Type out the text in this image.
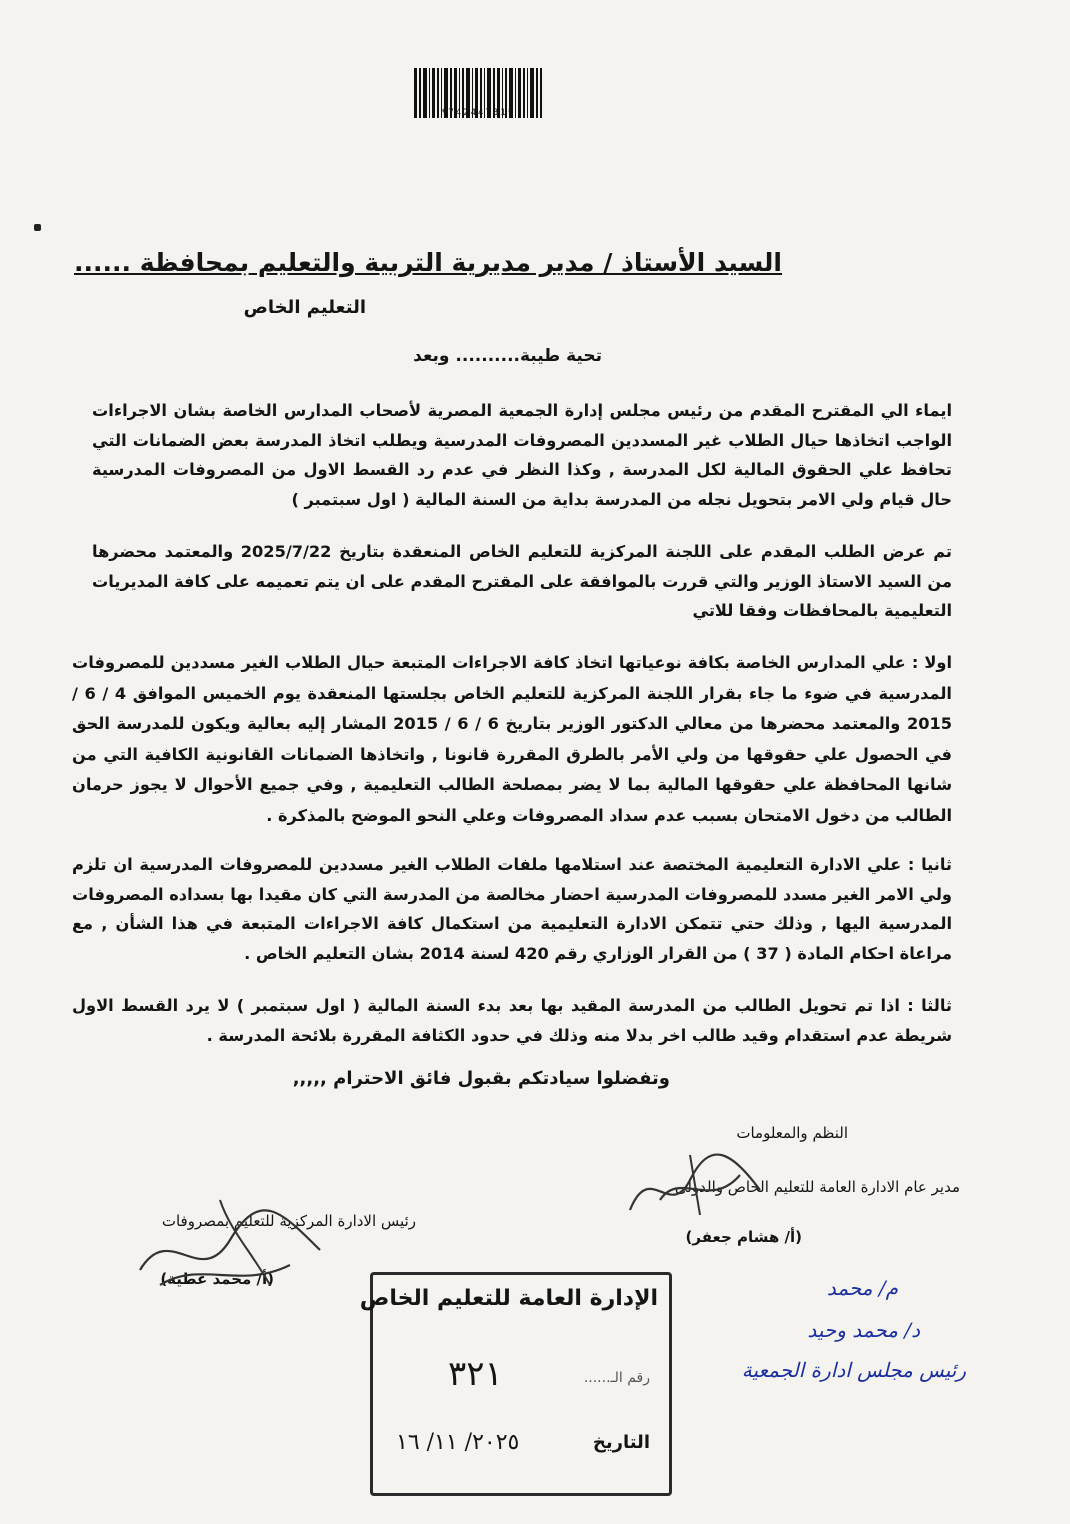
*74244731*
السيد الأستاذ / مدير مديرية التربية والتعليم بمحافظة ......
التعليم الخاص
تحية طيبة.......... وبعد
ايماء الي المقترح المقدم من رئيس مجلس إدارة الجمعية المصرية لأصحاب المدارس الخاصة بشان الاجراءات الواجب اتخاذها حيال الطلاب غير المسددين المصروفات المدرسية ويطلب اتخاذ المدرسة بعض الضمانات التي تحافظ علي الحقوق المالية لكل المدرسة , وكذا النظر في عدم رد القسط الاول من المصروفات المدرسية حال قيام ولي الامر بتحويل نجله من المدرسة بداية من السنة المالية ( اول سبتمبر )
تم عرض الطلب المقدم على اللجنة المركزية للتعليم الخاص المنعقدة بتاريخ 2025/7/22 والمعتمد محضرها من السيد الاستاذ الوزير والتي قررت بالموافقة على المقترح المقدم على ان يتم تعميمه على كافة المديريات التعليمية بالمحافظات وفقا للاتي
اولا : علي المدارس الخاصة بكافة نوعياتها اتخاذ كافة الاجراءات المتبعة حيال الطلاب الغير مسددين للمصروفات المدرسية في ضوء ما جاء بقرار اللجنة المركزية للتعليم الخاص بجلستها المنعقدة يوم الخميس الموافق 4 / 6 / 2015 والمعتمد محضرها من معالي الدكتور الوزير بتاريخ 6 / 6 / 2015 المشار إليه بعالية ويكون للمدرسة الحق في الحصول علي حقوقها من ولي الأمر بالطرق المقررة قانونا , واتخاذها الضمانات القانونية الكافية التي من شانها المحافظة علي حقوقها المالية بما لا يضر بمصلحة الطالب التعليمية , وفي جميع الأحوال لا يجوز حرمان الطالب من دخول الامتحان بسبب عدم سداد المصروفات وعلي النحو الموضح بالمذكرة .
ثانيا : علي الادارة التعليمية المختصة عند استلامها ملفات الطلاب الغير مسددين للمصروفات المدرسية ان تلزم ولي الامر الغير مسدد للمصروفات المدرسية احضار مخالصة من المدرسة التي كان مقيدا بها بسداده المصروفات المدرسية اليها , وذلك حتي تتمكن الادارة التعليمية من استكمال كافة الاجراءات المتبعة في هذا الشأن , مع مراعاة احكام المادة ( 37 ) من القرار الوزاري رقم 420 لسنة 2014 بشان التعليم الخاص .
ثالثا : اذا تم تحويل الطالب من المدرسة المقيد بها بعد بدء السنة المالية ( اول سبتمبر ) لا يرد القسط الاول شريطة عدم استقدام وقيد طالب اخر بدلا منه وذلك في حدود الكثافة المقررة بلائحة المدرسة .
وتفضلوا سيادتكم بقبول فائق الاحترام ,,,,,
النظم والمعلومات
مدير عام الادارة العامة للتعليم الخاص والدولى
(أ/ هشام جعفر)
رئيس الادارة المركزية للتعليم بمصروفات
(أ/ محمد عطية)
الإدارة العامة للتعليم الخاص
رقم الـ......
٣٢١
التاريخ
٢٠٢٥/ ١١/ ١٦
م/ محمد
د/ محمد وحيد
رئيس مجلس ادارة الجمعية
